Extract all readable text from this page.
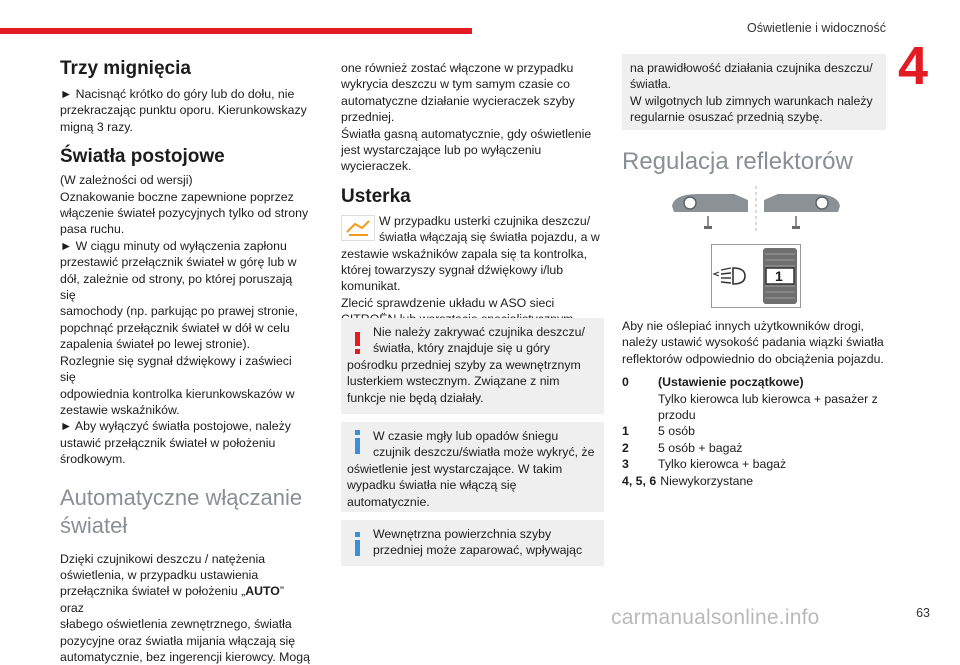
Oświetlenie i widoczność
4
Trzy mignięcia

► Nacisnąć krótko do góry lub do dołu, nie
przekraczając punktu oporu. Kierunkowskazy
migną 3 razy.

Światła postojowe

(W zależności od wersji)
Oznakowanie boczne zapewnione poprzez
włączenie świateł pozycyjnych tylko od strony
pasa ruchu.
► W ciągu minuty od wyłączenia zapłonu
przestawić przełącznik świateł w górę lub w
dół, zależnie od strony, po której poruszają się
samochody (np. parkując po prawej stronie,
popchnąć przełącznik świateł w dół w celu
zapalenia świateł po lewej stronie).
Rozlegnie się sygnał dźwiękowy i zaświeci się
odpowiednia kontrolka kierunkowskazów w
zestawie wskaźników.
► Aby wyłączyć światła postojowe, należy
ustawić przełącznik świateł w położeniu
środkowym.

Automatyczne włączanie
świateł

Dzięki czujnikowi deszczu / natężenia
oświetlenia, w przypadku ustawienia
przełącznika świateł w położeniu „AUTO” oraz
słabego oświetlenia zewnętrznego, światła
pozycyjne oraz światła mijania włączają się
automatycznie, bez ingerencji kierowcy. Mogą

one również zostać włączone w przypadku
wykrycia deszczu w tym samym czasie co
automatyczne działanie wycieraczek szyby
przedniej.
Światła gasną automatycznie, gdy oświetlenie
jest wystarczające lub po wyłączeniu
wycieraczek.

Usterka

W przypadku usterki czujnika deszczu/
światła włączają się światła pojazdu, a w

zestawie wskaźników zapala się ta kontrolka,
której towarzyszy sygnał dźwiękowy i/lub
komunikat.
Zlecić sprawdzenie układu w ASO sieci

Nie należy zakrywać czujnika deszczu/
światła, który znajduje się u góry

pośrodku przedniej szyby za wewnętrznym
lusterkiem wstecznym. Związane z nim
funkcje nie będą działały.

W czasie mgły lub opadów śniegu
czujnik deszczu/światła może wykryć, że

oświetlenie jest wystarczające. W takim
wypadku światła nie włączą się
automatycznie.

Wewnętrzna powierzchnia szyby
przedniej może zaparować, wpływając

na prawidłowość działania czujnika deszczu/
światła.
W wilgotnych lub zimnych warunkach należy
regularnie osuszać przednią szybę.

Regulacja reflektorów
1

Aby nie oślepiać innych użytkowników drogi,
należy ustawić wysokość padania wiązki światła
reflektorów odpowiednio do obciążenia pojazdu.

0	(Ustawienie początkowe)
Tylko kierowca lub kierowca + pasażer z
przodu
1	5 osób
2	5 osób + bagaż
3	Tylko kierowca + bagaż
4, 5, 6 Niewykorzystane
carmanualsonline.info	63
